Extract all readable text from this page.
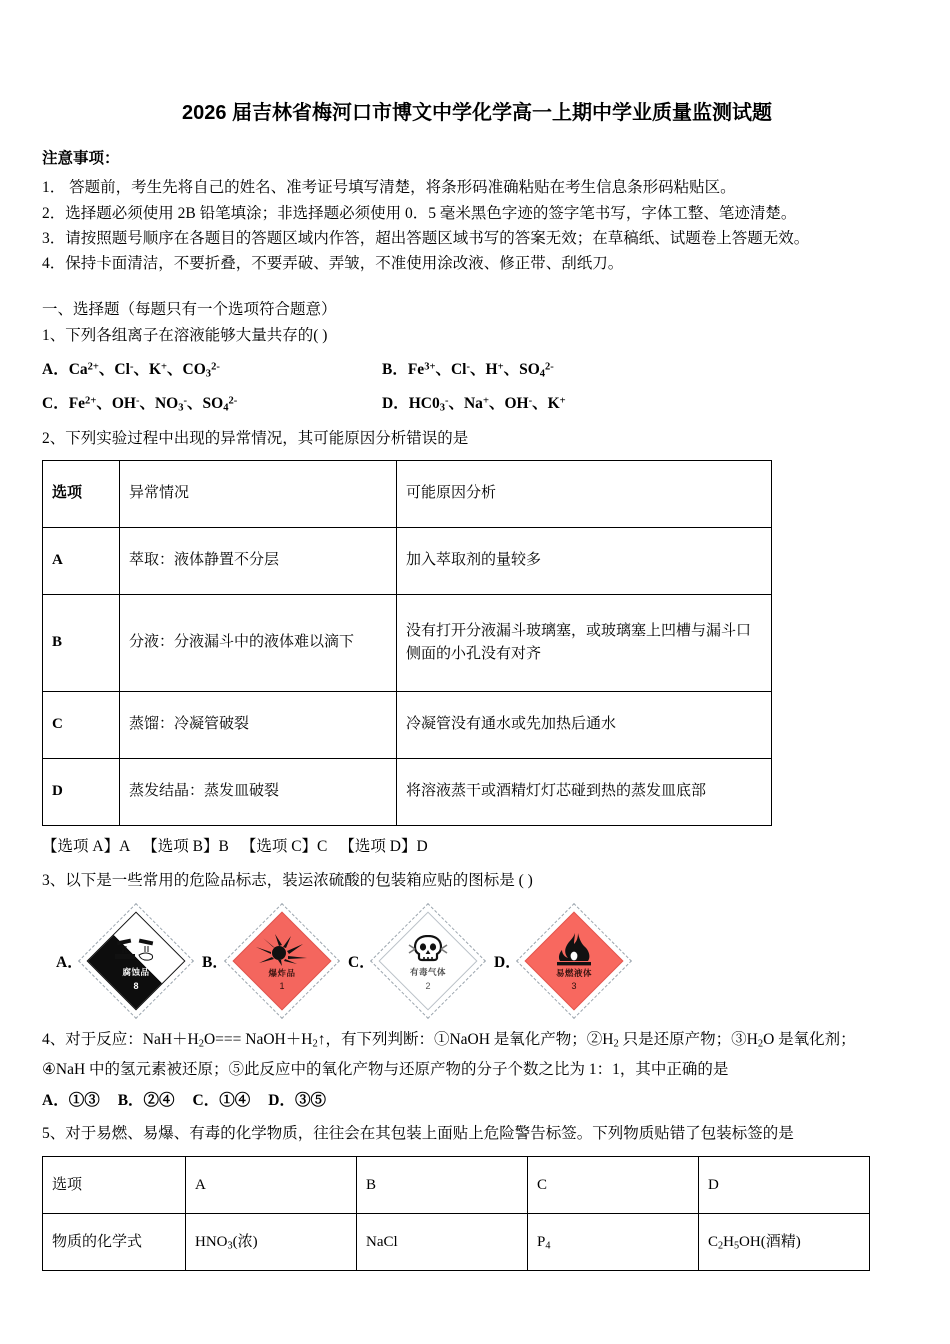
2026 届吉林省梅河口市博文中学化学高一上期中学业质量监测试题
注意事项：

1． 答题前，考生先将自己的姓名、准考证号填写清楚，将条形码准确粘贴在考生信息条形码粘贴区。

2．选择题必须使用 2B 铅笔填涂；非选择题必须使用 0．5 毫米黑色字迹的签字笔书写，字体工整、笔迹清楚。

3．请按照题号顺序在各题目的答题区域内作答，超出答题区域书写的答案无效；在草稿纸、试题卷上答题无效。

4．保持卡面清洁，不要折叠，不要弄破、弄皱，不准使用涂改液、修正带、刮纸刀。

一、选择题（每题只有一个选项符合题意）
1、下列各组离子在溶液能够大量共存的( )
A．$Ca^{2+}$、Cl-、K+、$CO_3^{2-}$	B．$Fe^{3+}$、Cl-、H+、$SO_4^{2-}$
C．$Fe^{2+}$、OH-、$NO_3^-$、$SO_4^{2-}$	D．$HC0_3^-$、Na+、OH-、K+
2、下列实验过程中出现的异常情况，其可能原因分析错误的是
选项	异常情况	可能原因分析
A	萃取：液体静置不分层	加入萃取剂的量较多
B	分液：分液漏斗中的液体难以滴下	没有打开分液漏斗玻璃塞，或玻璃塞上凹槽与漏斗口侧面的小孔没有对齐
C	蒸馏：冷凝管破裂	冷凝管没有通水或先加热后通水
D	蒸发结晶：蒸发皿破裂	将溶液蒸干或酒精灯灯芯碰到热的蒸发皿底部
【选项 A】A 【选项 B】B 【选项 C】C 【选项 D】D
3、以下是一些常用的危险品标志，装运浓硫酸的包装箱应贴的图标是 ( )
A．
腐蚀品
8
B．
爆炸品
1
C．
有毒气体
2
D．
易燃液体
3
4、对于反应：$NaH+H_2O===$ $NaOH+H_2↑$，有下列判断：①NaOH 是氧化产物；$②H_2$ 只是还原产物；$③H_2O$ 是氧化剂；
④NaH 中的氢元素被还原；⑤此反应中的氧化产物与还原产物的分子个数之比为 1：1，其中正确的是
A．①③ B．②④ C．①④ D．③⑤
5、对于易燃、易爆、有毒的化学物质，往往会在其包装上面贴上危险警告标签。下列物质贴错了包装标签的是
选项	A	B	C	D
物质的化学式	$HNO_3$(浓)	NaCl	$P_4$	$C_2H_5OH$(酒精)
